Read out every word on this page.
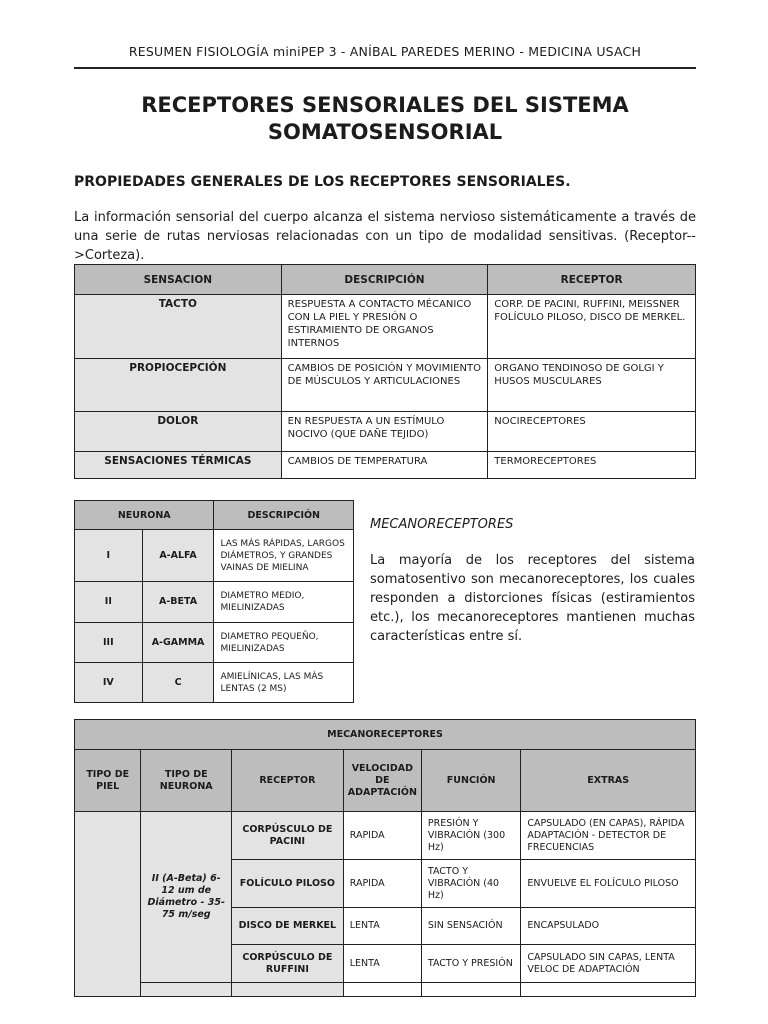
RESUMEN FISIOLOGÍA miniPEP 3 - ANÍBAL PAREDES MERINO - MEDICINA USACH
RECEPTORES SENSORIALES DEL SISTEMA
SOMATOSENSORIAL
PROPIEDADES GENERALES DE LOS RECEPTORES SENSORIALES.
La información sensorial del cuerpo alcanza el sistema nervioso sistemáticamente a través de una serie de rutas nerviosas relacionadas con un tipo de modalidad sensitivas. (Receptor-->Corteza).
SENSACION	DESCRIPCIÓN	RECEPTOR
TACTO	RESPUESTA A CONTACTO MÉCANICO CON LA PIEL Y PRESIÓN O ESTIRAMIENTO DE ORGANOS INTERNOS	CORP. DE PACINI, RUFFINI, MEISSNER FOLÍCULO PILOSO, DISCO DE MERKEL.
PROPIOCEPCIÓN	CAMBIOS DE POSICIÓN Y MOVIMIENTO DE MÚSCULOS Y ARTICULACIONES	ORGANO TENDINOSO DE GOLGI Y HUSOS MUSCULARES
DOLOR	EN RESPUESTA A UN ESTÍMULO NOCIVO (QUE DAÑE TEJIDO)	NOCIRECEPTORES
SENSACIONES TÉRMICAS	CAMBIOS DE TEMPERATURA	TERMORECEPTORES
NEURONA		DESCRIPCIÓN
I	A-ALFA	LAS MÁS RÁPIDAS, LARGOS DIÁMETROS, Y GRANDES VAINAS DE MIELINA
II	A-BETA	DIAMETRO MEDIO, MIELINIZADAS
III	A-GAMMA	DIAMETRO PEQUEÑO, MIELINIZADAS
IV	C	AMIELÍNICAS, LAS MÁS LENTAS (2 MS)
MECANORECEPTORES
La mayoría de los receptores del sistema somatosentivo son mecanoreceptores, los cuales responden a distorciones físicas (estiramientos etc.), los mecanoreceptores mantienen muchas características entre sí.
MECANORECEPTORES					
TIPO DE PIEL	TIPO DE NEURONA	RECEPTOR	VELOCIDAD DE ADAPTACIÓN	FUNCIÓN	EXTRAS
	II (A-Beta) 6-12 um de Diámetro - 35-75 m/seg	CORPÚSCULO DE PACINI	RAPIDA	PRESIÓN Y VIBRACIÓN (300 Hz)	CAPSULADO (EN CAPAS), RÁPIDA ADAPTACIÓN - DETECTOR DE FRECUENCIAS
		FOLÍCULO PILOSO	RAPIDA	TACTO Y VIBRACIÓN (40 Hz)	ENVUELVE EL FOLÍCULO PILOSO
		DISCO DE MERKEL	LENTA	SIN SENSACIÓN	ENCAPSULADO
		CORPÚSCULO DE RUFFINI	LENTA	TACTO Y PRESIÓN	CAPSULADO SIN CAPAS, LENTA VELOC DE ADAPTACIÓN
